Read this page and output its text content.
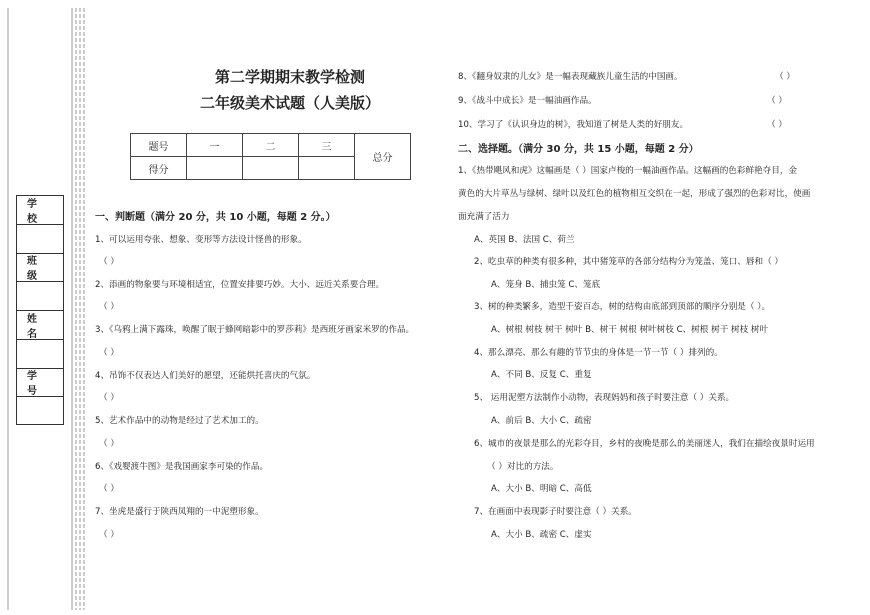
学校
班级
姓名
学号
第二学期期末教学检测
二年级美术试题（人美版）
题号	一	二	三	总分
得分				
一、判断题（满分 20 分，共 10 小题，每题 2 分。）
1、可以运用夸张、想象、变形等方法设计怪兽的形象。
（ ）
2、添画的物象要与环境相适宜，位置安排要巧妙。大小、远近关系要合理。
（ ）
3、《乌鸦上满下露珠，唤醒了眠于蜂网暗影中的罗莎莉》是西班牙画家米罗的作品。
（ ）
4、吊饰不仅表达人们美好的愿望，还能烘托喜庆的气氛。
（ ）
5、艺术作品中的动物是经过了艺术加工的。
（ ）
6、《戏婴渡牛图》是我国画家李可染的作品。
（ ）
7、坐虎是盛行于陕西凤翔的一中泥塑形象。
（ ）
8、《翻身奴隶的儿女》是一幅表现藏族儿童生活的中国画。	（ ）
9、《战斗中成长》是一幅油画作品。	（ ）
10、学习了《认识身边的树》，我知道了树是人类的好朋友。	（ ）
二、选择题。（满分 30 分，共 15 小题，每题 2 分）
1、《热带飓风和虎》这幅画是（ ）国家卢梭的一幅油画作品。这幅画的色彩鲜艳夺目，金
黄色的大片草丛与绿树、绿叶以及红色的植物相互交织在一起，形成了强烈的色彩对比，使画
面充满了活力
A、英国 B、法国 C、荷兰
2、吃虫草的种类有很多种，其中猪笼草的各部分结构分为笼盖、笼口、唇和（ ）
A、笼身 B、捕虫笼 C、笼底
3、树的种类繁多，造型千姿百态，树的结构由底部到顶部的顺序分别是（ ）。
A、树根 树枝 树干 树叶 B、树干 树根 树叶树枝 C、树根 树干 树枝 树叶
4、那么漂亮、那么有趣的节节虫的身体是一节一节（ ）排列的。
A、不同 B、反复 C、重复
5、 运用泥塑方法制作小动物，表现妈妈和孩子时要注意（ ）关系。
A、前后 B、大小 C、疏密
6、城市的夜景是那么的光彩夺目，乡村的夜晚是那么的美丽迷人，我们在描绘夜景时运用
（ ）对比的方法。
A、大小 B、明暗 C、高低
7、在画面中表现影子时要注意（ ）关系。
A、大小 B、疏密 C、虚实
